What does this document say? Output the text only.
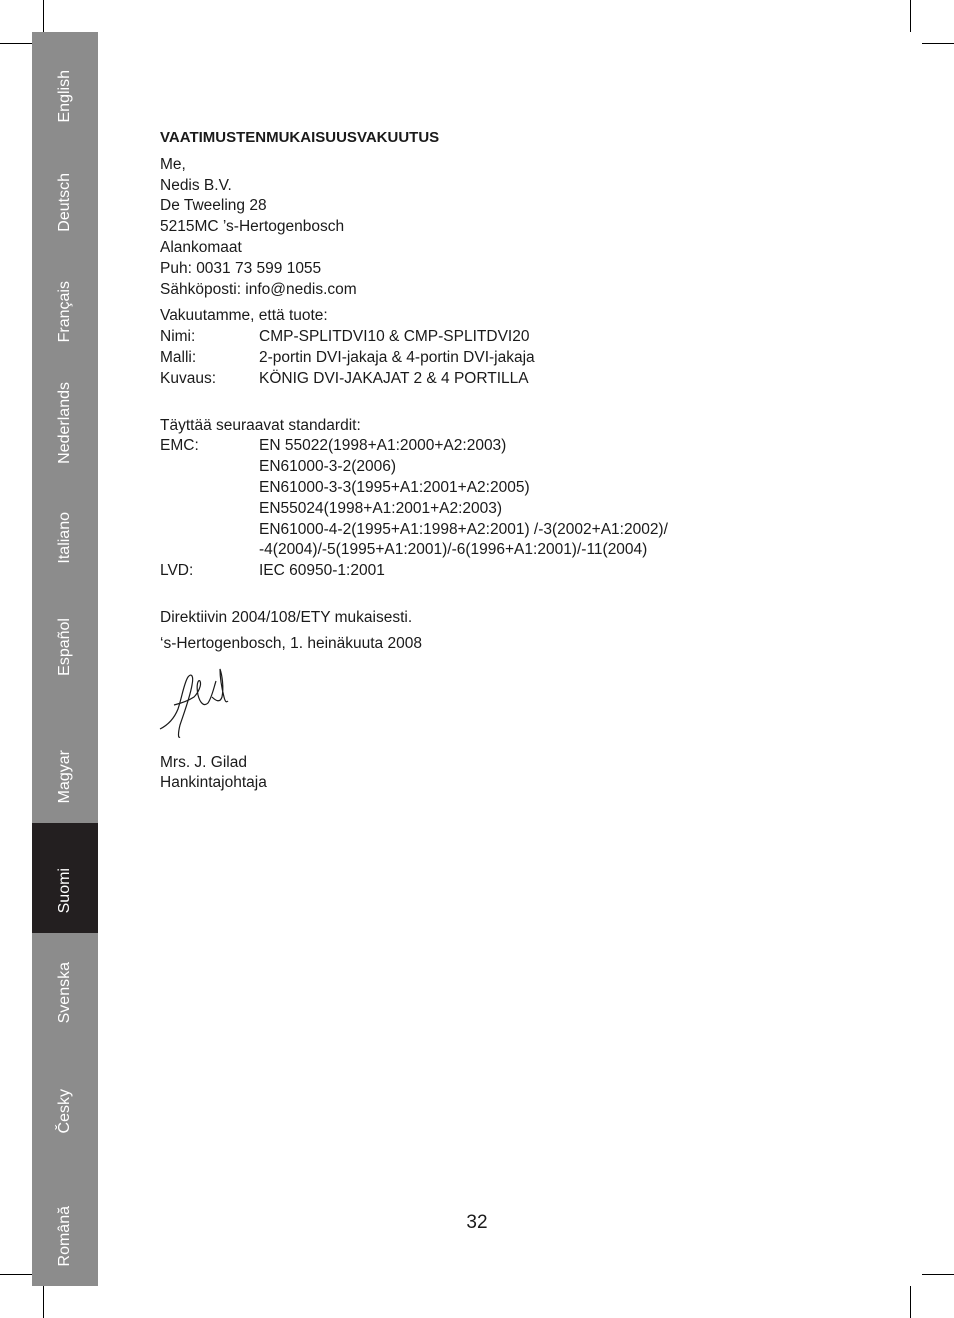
English
Deutsch
Français
Nederlands
Italiano
Español
Magyar
Suomi
Svenska
Česky
Română
VAATIMUSTENMUKAISUUSVAKUUTUS
Me,
Nedis B.V.
De Tweeling 28
5215MC ’s-Hertogenbosch
Alankomaat
Puh: 0031 73 599 1055
Sähköposti: info@nedis.com
Vakuutamme, että tuote:
Nimi:	CMP-SPLITDVI10 & CMP-SPLITDVI20
Malli:	2-portin DVI-jakaja & 4-portin DVI-jakaja
Kuvaus:	KÖNIG DVI-JAKAJAT 2 & 4 PORTILLA
Täyttää seuraavat standardit:
EMC:	EN 55022(1998+A1:2000+A2:2003)
EN61000-3-2(2006)
EN61000-3-3(1995+A1:2001+A2:2005)
EN55024(1998+A1:2001+A2:2003)
EN61000-4-2(1995+A1:1998+A2:2001) /-3(2002+A1:2002)/
-4(2004)/-5(1995+A1:2001)/-6(1996+A1:2001)/-11(2004)
LVD:	IEC 60950-1:2001
Direktiivin 2004/108/ETY mukaisesti.
‘s-Hertogenbosch, 1. heinäkuuta 2008
Mrs. J. Gilad
Hankintajohtaja
32
